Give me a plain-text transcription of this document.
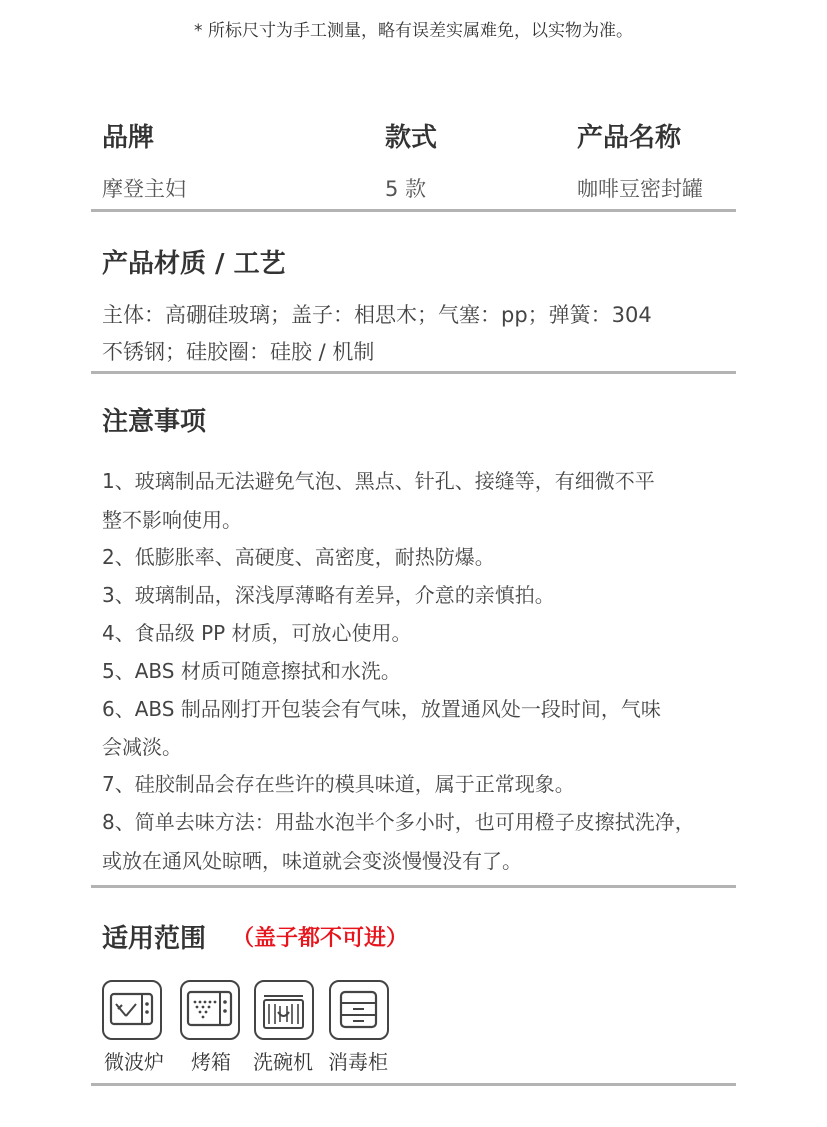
* 所标尺寸为手工测量，略有误差实属难免，以实物为准。
品牌	款式	产品名称
摩登主妇	5 款	咖啡豆密封罐
产品材质 / 工艺
主体：高硼硅玻璃；盖子：相思木；气塞：pp；弹簧：304
不锈钢；硅胶圈：硅胶 / 机制
注意事项
1、玻璃制品无法避免气泡、黑点、针孔、接缝等，有细微不平
整不影响使用。
2、低膨胀率、高硬度、高密度，耐热防爆。
3、玻璃制品，深浅厚薄略有差异，介意的亲慎拍。
4、食品级 PP 材质，可放心使用。
5、ABS 材质可随意擦拭和水洗。
6、ABS 制品刚打开包装会有气味，放置通风处一段时间，气味
会减淡。
7、硅胶制品会存在些许的模具味道，属于正常现象。
8、简单去味方法：用盐水泡半个多小时，也可用橙子皮擦拭洗净，
或放在通风处晾晒，味道就会变淡慢慢没有了。
适用范围 （盖子都不可进）
微波炉 烤箱 洗碗机 消毒柜
